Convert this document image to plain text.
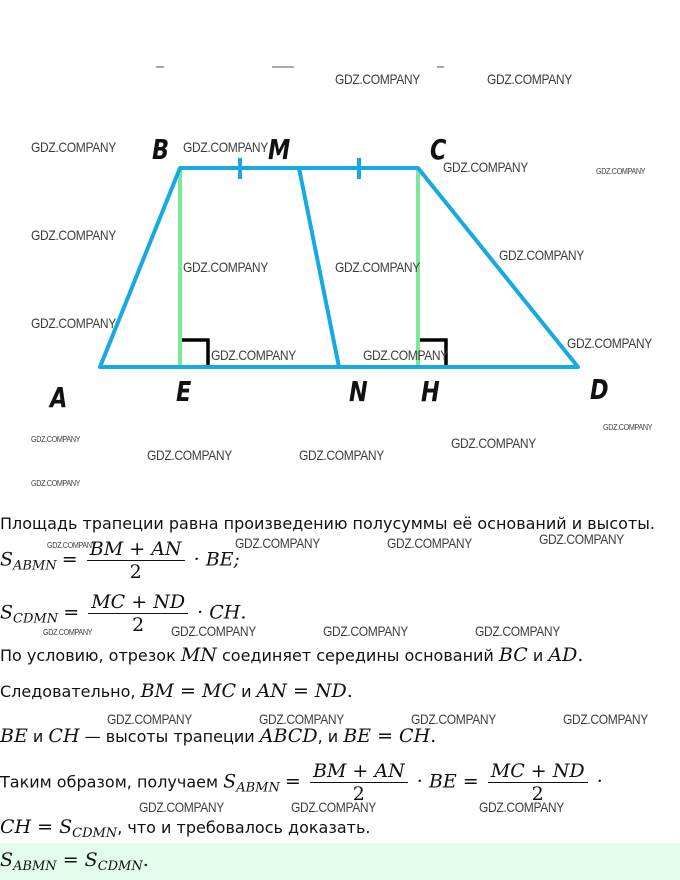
B	M	C
A	E	N H	D
GDZ.COMPANY	GDZ.COMPANY
GDZ.COMPANY	GDZ.COMPANY
GDZ.COMPANY	GDZ.COMPANY
GDZ.COMPANY
GDZ.COMPANY
GDZ.COMPANY	GDZ.COMPANY
GDZ.COMPANY
GDZ.COMPANY
GDZ.COMPANY	GDZ.COMPANY
GDZ.COMPANY
GDZ.COMPANY	GDZ.COMPANY
GDZ.COMPANY	GDZ.COMPANY
GDZ.COMPANY
GDZ.COMPANY	GDZ.COMPANY	GDZ.COMPANY	GDZ.COMPANY
GDZ.COMPANY	GDZ.COMPANY	GDZ.COMPANY	GDZ.COMPANY
GDZ.COMPANY	GDZ.COMPANY	GDZ.COMPANY	GDZ.COMPANY
GDZ.COMPANY	GDZ.COMPANY	GDZ.COMPANY
Площадь трапеции равна произведению полусуммы её оснований и высоты.
$S_{ABMN} = \frac{BM + AN}{2}$ · BE;
$S_{CDMN} = \frac{MC + ND}{2}$ · CH.
По условию, отрезок MN соединяет середины оснований BC и AD.
Следовательно, BM = MC и AN = ND.
BE и CH — высоты трапеции ABCD, и BE = CH.
Таким образом, получаем $S_{ABMN} = \frac{BM + AN}{2}$ · BE = $\frac{MC + ND}{2}$ ·
CH = $S_{CDMN}$, что и требовалось доказать.
$S_{ABMN} = S_{CDMN}$.
